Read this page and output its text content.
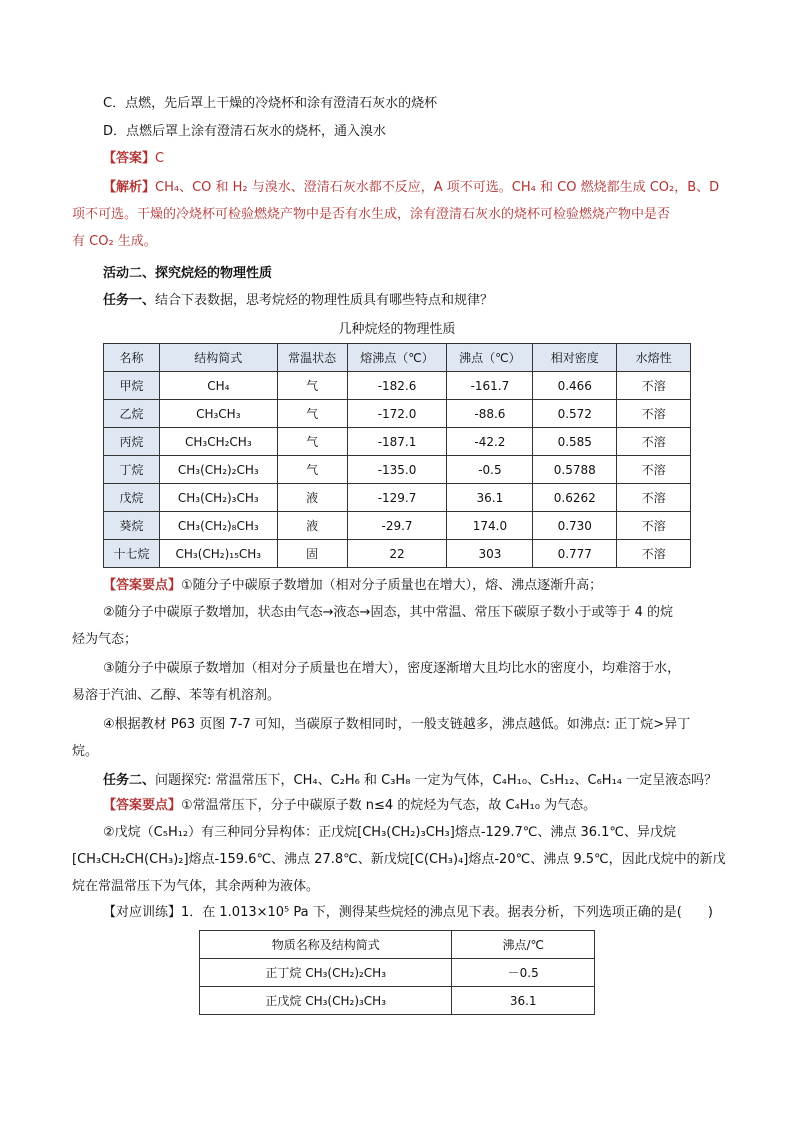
C．点燃，先后罩上干燥的冷烧杯和涂有澄清石灰水的烧杯
D．点燃后罩上涂有澄清石灰水的烧杯，通入溴水
【答案】C
【解析】CH₄、CO 和 H₂ 与溴水、澄清石灰水都不反应，A 项不可选。CH₄ 和 CO 燃烧都生成 CO₂，B、D
项不可选。干燥的冷烧杯可检验燃烧产物中是否有水生成，涂有澄清石灰水的烧杯可检验燃烧产物中是否
有 CO₂ 生成。
活动二、探究烷烃的物理性质
任务一、结合下表数据，思考烷烃的物理性质具有哪些特点和规律？
几种烷烃的物理性质
名称	结构简式	常温状态	熔沸点（℃）	沸点（℃）	相对密度	水熔性
甲烷	CH₄	气	-182.6	-161.7	0.466	不溶
乙烷	CH₃CH₃	气	-172.0	-88.6	0.572	不溶
丙烷	CH₃CH₂CH₃	气	-187.1	-42.2	0.585	不溶
丁烷	CH₃(CH₂)₂CH₃	气	-135.0	-0.5	0.5788	不溶
戊烷	CH₃(CH₂)₃CH₃	液	-129.7	36.1	0.6262	不溶
葵烷	CH₃(CH₂)₈CH₃	液	-29.7	174.0	0.730	不溶
十七烷	CH₃(CH₂)₁₅CH₃	固	22	303	0.777	不溶
【答案要点】①随分子中碳原子数增加（相对分子质量也在增大），熔、沸点逐渐升高；
②随分子中碳原子数增加，状态由气态→液态→固态，其中常温、常压下碳原子数小于或等于 4 的烷
烃为气态；
③随分子中碳原子数增加（相对分子质量也在增大），密度逐渐增大且均比水的密度小，均难溶于水，
易溶于汽油、乙醇、苯等有机溶剂。
④根据教材 P63 页图 7-7 可知，当碳原子数相同时，一般支链越多，沸点越低。如沸点: 正丁烷>异丁
烷。
任务二、问题探究: 常温常压下，CH₄、C₂H₆ 和 C₃H₈ 一定为气体，C₄H₁₀、C₅H₁₂、C₆H₁₄ 一定呈液态吗？
【答案要点】①常温常压下，分子中碳原子数 n≤4 的烷烃为气态，故 C₄H₁₀ 为气态。
②戊烷（C₅H₁₂）有三种同分异构体：正戊烷[CH₃(CH₂)₃CH₃]熔点-129.7℃、沸点 36.1℃、异戊烷
[CH₃CH₂CH(CH₃)₂]熔点-159.6℃、沸点 27.8℃、新戊烷[C(CH₃)₄]熔点-20℃、沸点 9.5℃，因此戊烷中的新戊
烷在常温常压下为气体，其余两种为液体。
【对应训练】1．在 1.013×10⁵ Pa 下，测得某些烷烃的沸点见下表。据表分析，下列选项正确的是(　　)
物质名称及结构简式	沸点/℃
正丁烷 CH₃(CH₂)₂CH₃	－0.5
正戊烷 CH₃(CH₂)₃CH₃	36.1
